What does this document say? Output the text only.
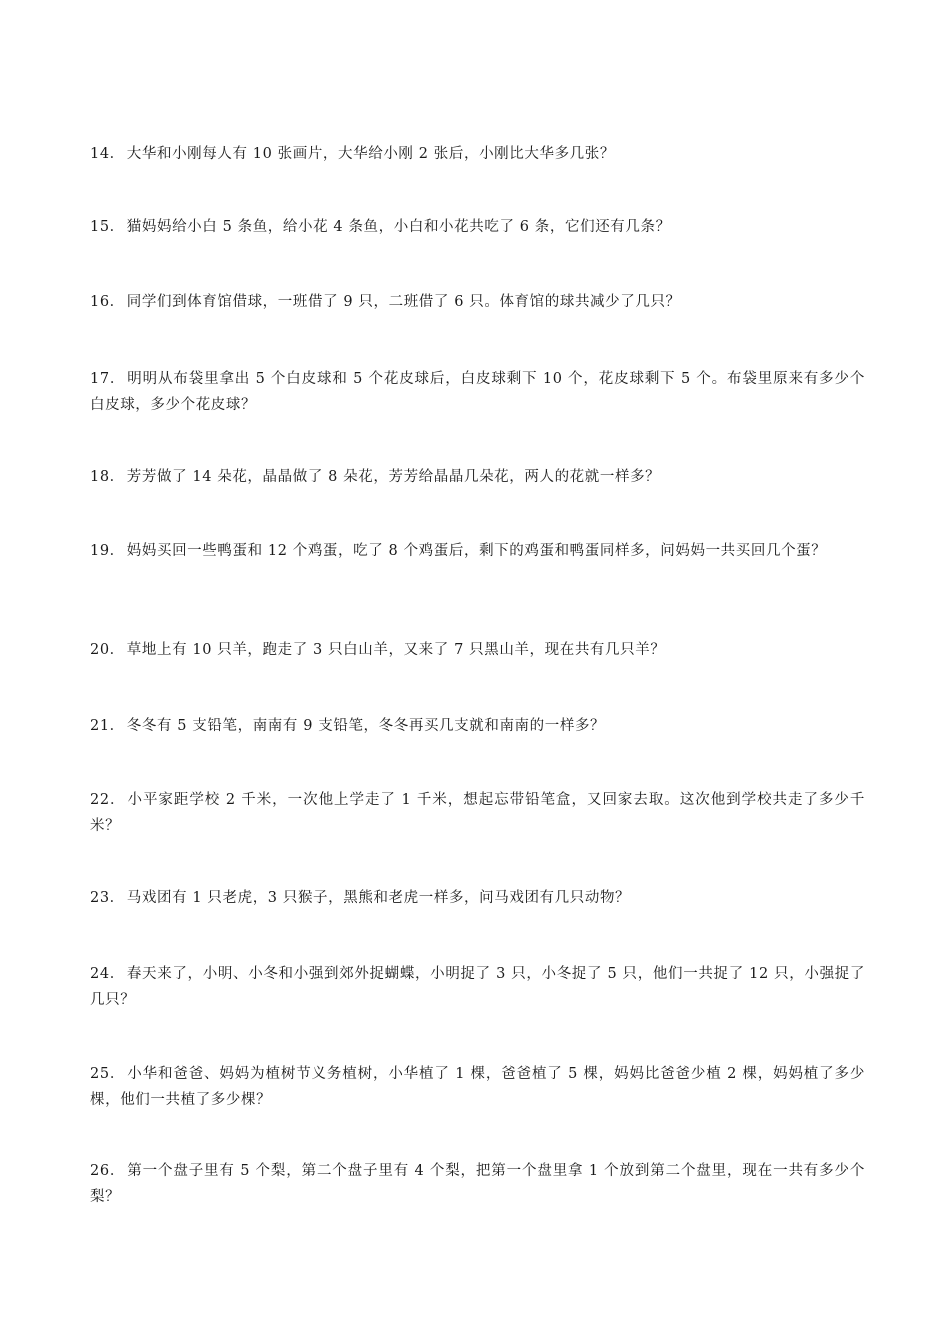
14． 大华和小刚每人有 10 张画片，大华给小刚 2 张后，小刚比大华多几张？

15． 猫妈妈给小白 5 条鱼，给小花 4 条鱼，小白和小花共吃了 6 条，它们还有几条？

16． 同学们到体育馆借球，一班借了 9 只，二班借了 6 只。体育馆的球共减少了几只？

17． 明明从布袋里拿出 5 个白皮球和 5 个花皮球后，白皮球剩下 10 个，花皮球剩下 5 个。布袋里原来有多少个白皮球，多少个花皮球？

18． 芳芳做了 14 朵花，晶晶做了 8 朵花，芳芳给晶晶几朵花，两人的花就一样多？

19． 妈妈买回一些鸭蛋和 12 个鸡蛋，吃了 8 个鸡蛋后，剩下的鸡蛋和鸭蛋同样多，问妈妈一共买回几个蛋？

20． 草地上有 10 只羊，跑走了 3 只白山羊，又来了 7 只黑山羊，现在共有几只羊？

21． 冬冬有 5 支铅笔，南南有 9 支铅笔，冬冬再买几支就和南南的一样多？

22． 小平家距学校 2 千米，一次他上学走了 1 千米，想起忘带铅笔盒，又回家去取。这次他到学校共走了多少千米？

23． 马戏团有 1 只老虎，3 只猴子，黑熊和老虎一样多，问马戏团有几只动物？

24． 春天来了，小明、小冬和小强到郊外捉蝴蝶，小明捉了 3 只，小冬捉了 5 只，他们一共捉了 12 只，小强捉了几只？

25． 小华和爸爸、妈妈为植树节义务植树，小华植了 1 棵，爸爸植了 5 棵，妈妈比爸爸少植 2 棵，妈妈植了多少棵，他们一共植了多少棵？

26． 第一个盘子里有 5 个梨，第二个盘子里有 4 个梨，把第一个盘里拿 1 个放到第二个盘里，现在一共有多少个梨？
